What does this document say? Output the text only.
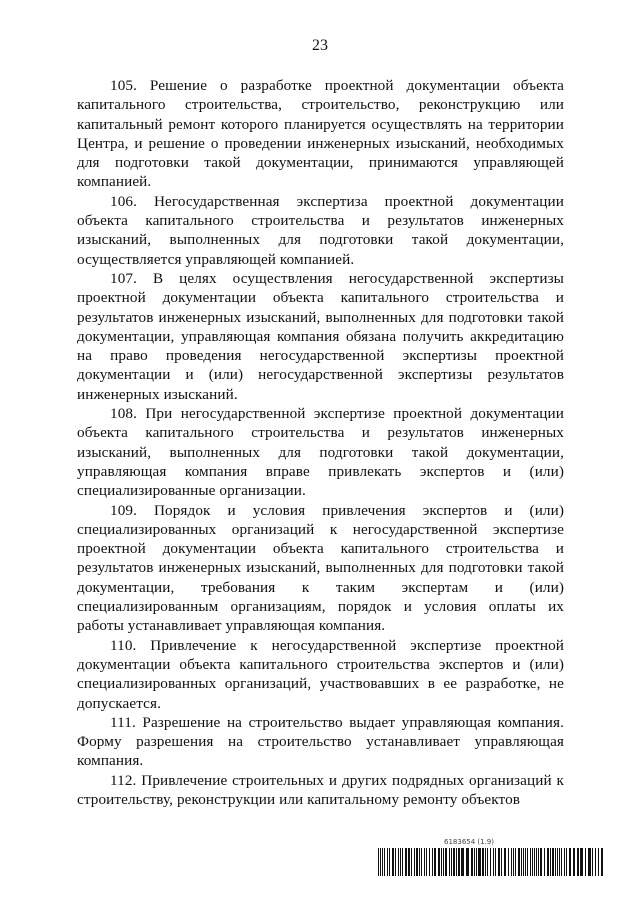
23

105. Решение о разработке проектной документации объекта капитального строительства, строительство, реконструкцию или капитальный ремонт которого планируется осуществлять на территории Центра, и решение о проведении инженерных изысканий, необходимых для подготовки такой документации, принимаются управляющей компанией.

106. Негосударственная экспертиза проектной документации объекта капитального строительства и результатов инженерных изысканий, выполненных для подготовки такой документации, осуществляется управляющей компанией.

107. В целях осуществления негосударственной экспертизы проектной документации объекта капитального строительства и результатов инженерных изысканий, выполненных для подготовки такой документации, управляющая компания обязана получить аккредитацию на право проведения негосударственной экспертизы проектной документации и (или) негосударственной экспертизы результатов инженерных изысканий.

108. При негосударственной экспертизе проектной документации объекта капитального строительства и результатов инженерных изысканий, выполненных для подготовки такой документации, управляющая компания вправе привлекать экспертов и (или) специализированные организации.

109. Порядок и условия привлечения экспертов и (или) специализированных организаций к негосударственной экспертизе проектной документации объекта капитального строительства и результатов инженерных изысканий, выполненных для подготовки такой документации, требования к таким экспертам и (или) специализированным организациям, порядок и условия оплаты их работы устанавливает управляющая компания.

110. Привлечение к негосударственной экспертизе проектной документации объекта капитального строительства экспертов и (или) специализированных организаций, участвовавших в ее разработке, не допускается.

111. Разрешение на строительство выдает управляющая компания. Форму разрешения на строительство устанавливает управляющая компания.

112. Привлечение строительных и других подрядных организаций к строительству, реконструкции или капитальному ремонту объектов

6183654 (1.9)
